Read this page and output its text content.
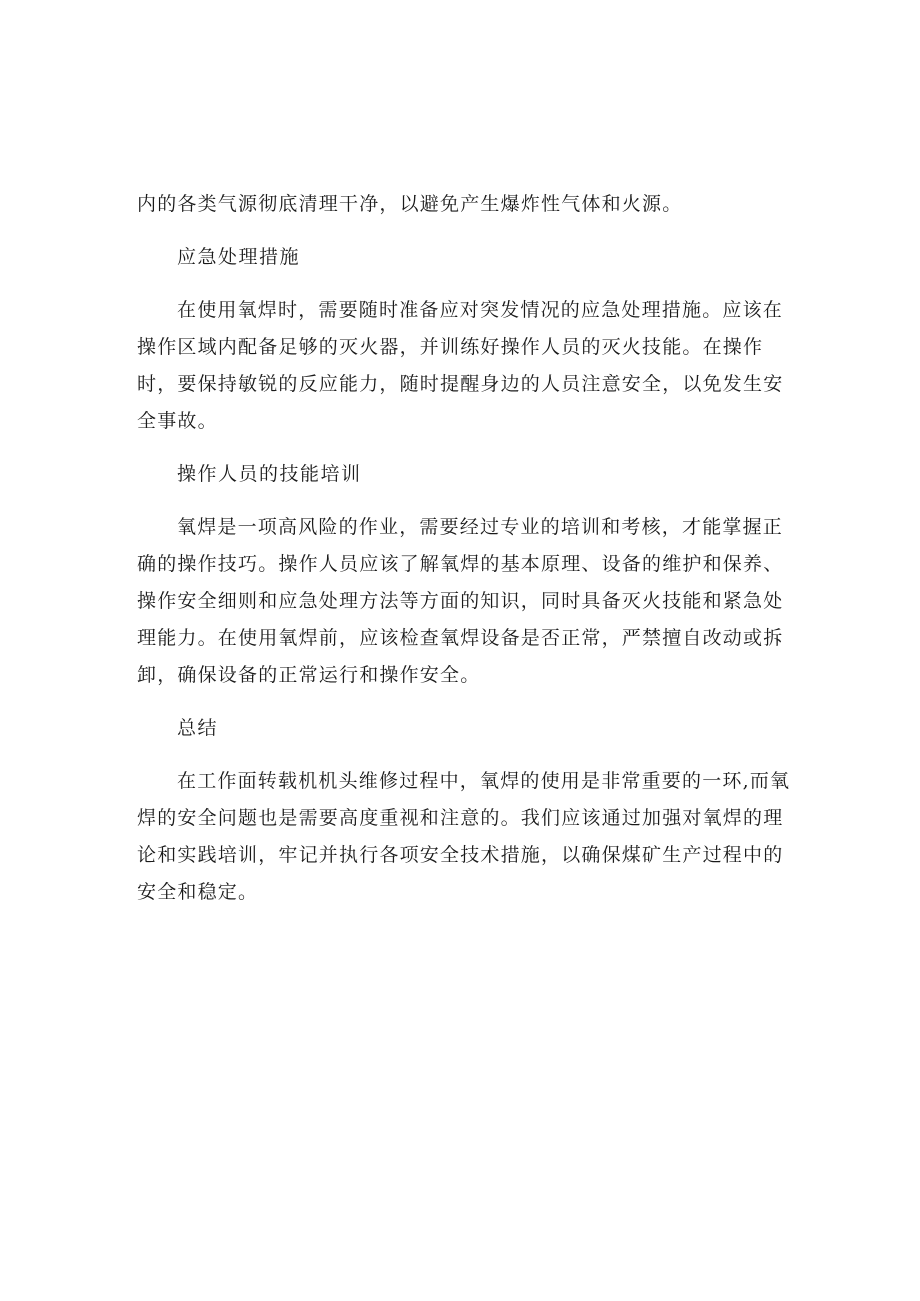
内的各类气源彻底清理干净，以避免产生爆炸性气体和火源。
应急处理措施
在使用氧焊时，需要随时准备应对突发情况的应急处理措施。应该在
操作区域内配备足够的灭火器，并训练好操作人员的灭火技能。在操作
时，要保持敏锐的反应能力，随时提醒身边的人员注意安全，以免发生安
全事故。
操作人员的技能培训
氧焊是一项高风险的作业，需要经过专业的培训和考核，才能掌握正
确的操作技巧。操作人员应该了解氧焊的基本原理、设备的维护和保养、
操作安全细则和应急处理方法等方面的知识，同时具备灭火技能和紧急处
理能力。在使用氧焊前，应该检查氧焊设备是否正常，严禁擅自改动或拆
卸，确保设备的正常运行和操作安全。
总结
在工作面转载机机头维修过程中，氧焊的使用是非常重要的一环,而氧
焊的安全问题也是需要高度重视和注意的。我们应该通过加强对氧焊的理
论和实践培训，牢记并执行各项安全技术措施，以确保煤矿生产过程中的
安全和稳定。
